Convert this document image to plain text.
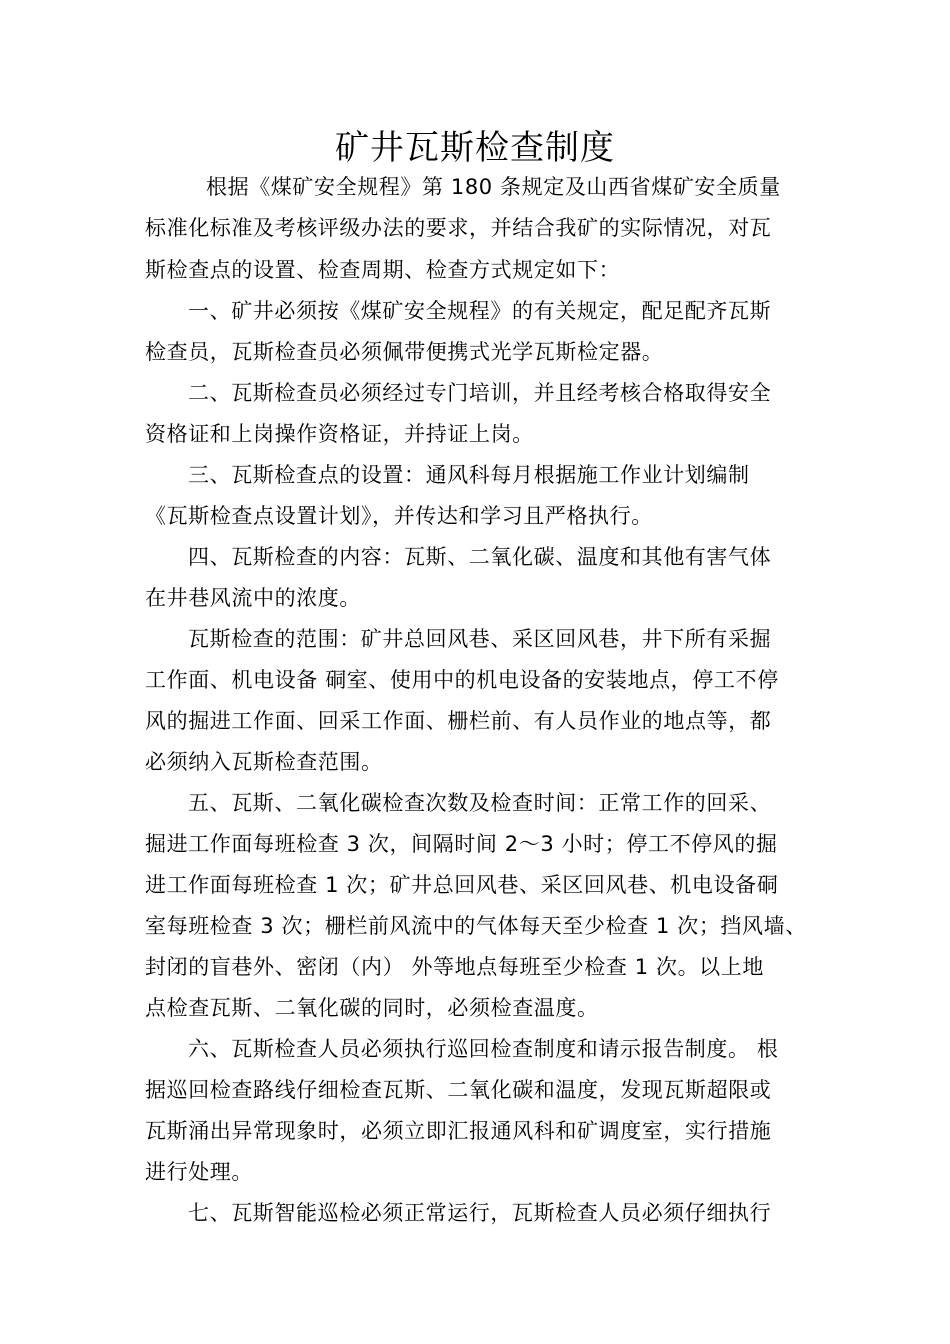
矿井瓦斯检查制度
根据《煤矿安全规程》第 180 条规定及山西省煤矿安全质量
标准化标准及考核评级办法的要求，并结合我矿的实际情况，对瓦
斯检查点的设置、检查周期、检查方式规定如下：
一、矿井必须按《煤矿安全规程》的有关规定，配足配齐瓦斯
检查员，瓦斯检查员必须佩带便携式光学瓦斯检定器。
二、瓦斯检查员必须经过专门培训，并且经考核合格取得安全
资格证和上岗操作资格证，并持证上岗。
三、瓦斯检查点的设置：通风科每月根据施工作业计划编制
《瓦斯检查点设置计划》，并传达和学习且严格执行。
四、瓦斯检查的内容：瓦斯、二氧化碳、温度和其他有害气体
在井巷风流中的浓度。
瓦斯检查的范围：矿井总回风巷、采区回风巷，井下所有采掘
工作面、机电设备 硐室、使用中的机电设备的安装地点，停工不停
风的掘进工作面、回采工作面、栅栏前、有人员作业的地点等，都
必须纳入瓦斯检查范围。
五、瓦斯、二氧化碳检查次数及检查时间：正常工作的回采、
掘进工作面每班检查 3 次，间隔时间 2～3 小时；停工不停风的掘
进工作面每班检查 1 次；矿井总回风巷、采区回风巷、机电设备硐
室每班检查 3 次；栅栏前风流中的气体每天至少检查 1 次；挡风墙、
封闭的盲巷外、密闭（内） 外等地点每班至少检查 1 次。以上地
点检查瓦斯、二氧化碳的同时，必须检查温度。
六、瓦斯检查人员必须执行巡回检查制度和请示报告制度。 根
据巡回检查路线仔细检查瓦斯、二氧化碳和温度，发现瓦斯超限或
瓦斯涌出异常现象时，必须立即汇报通风科和矿调度室，实行措施
进行处理。
七、瓦斯智能巡检必须正常运行，瓦斯检查人员必须仔细执行
